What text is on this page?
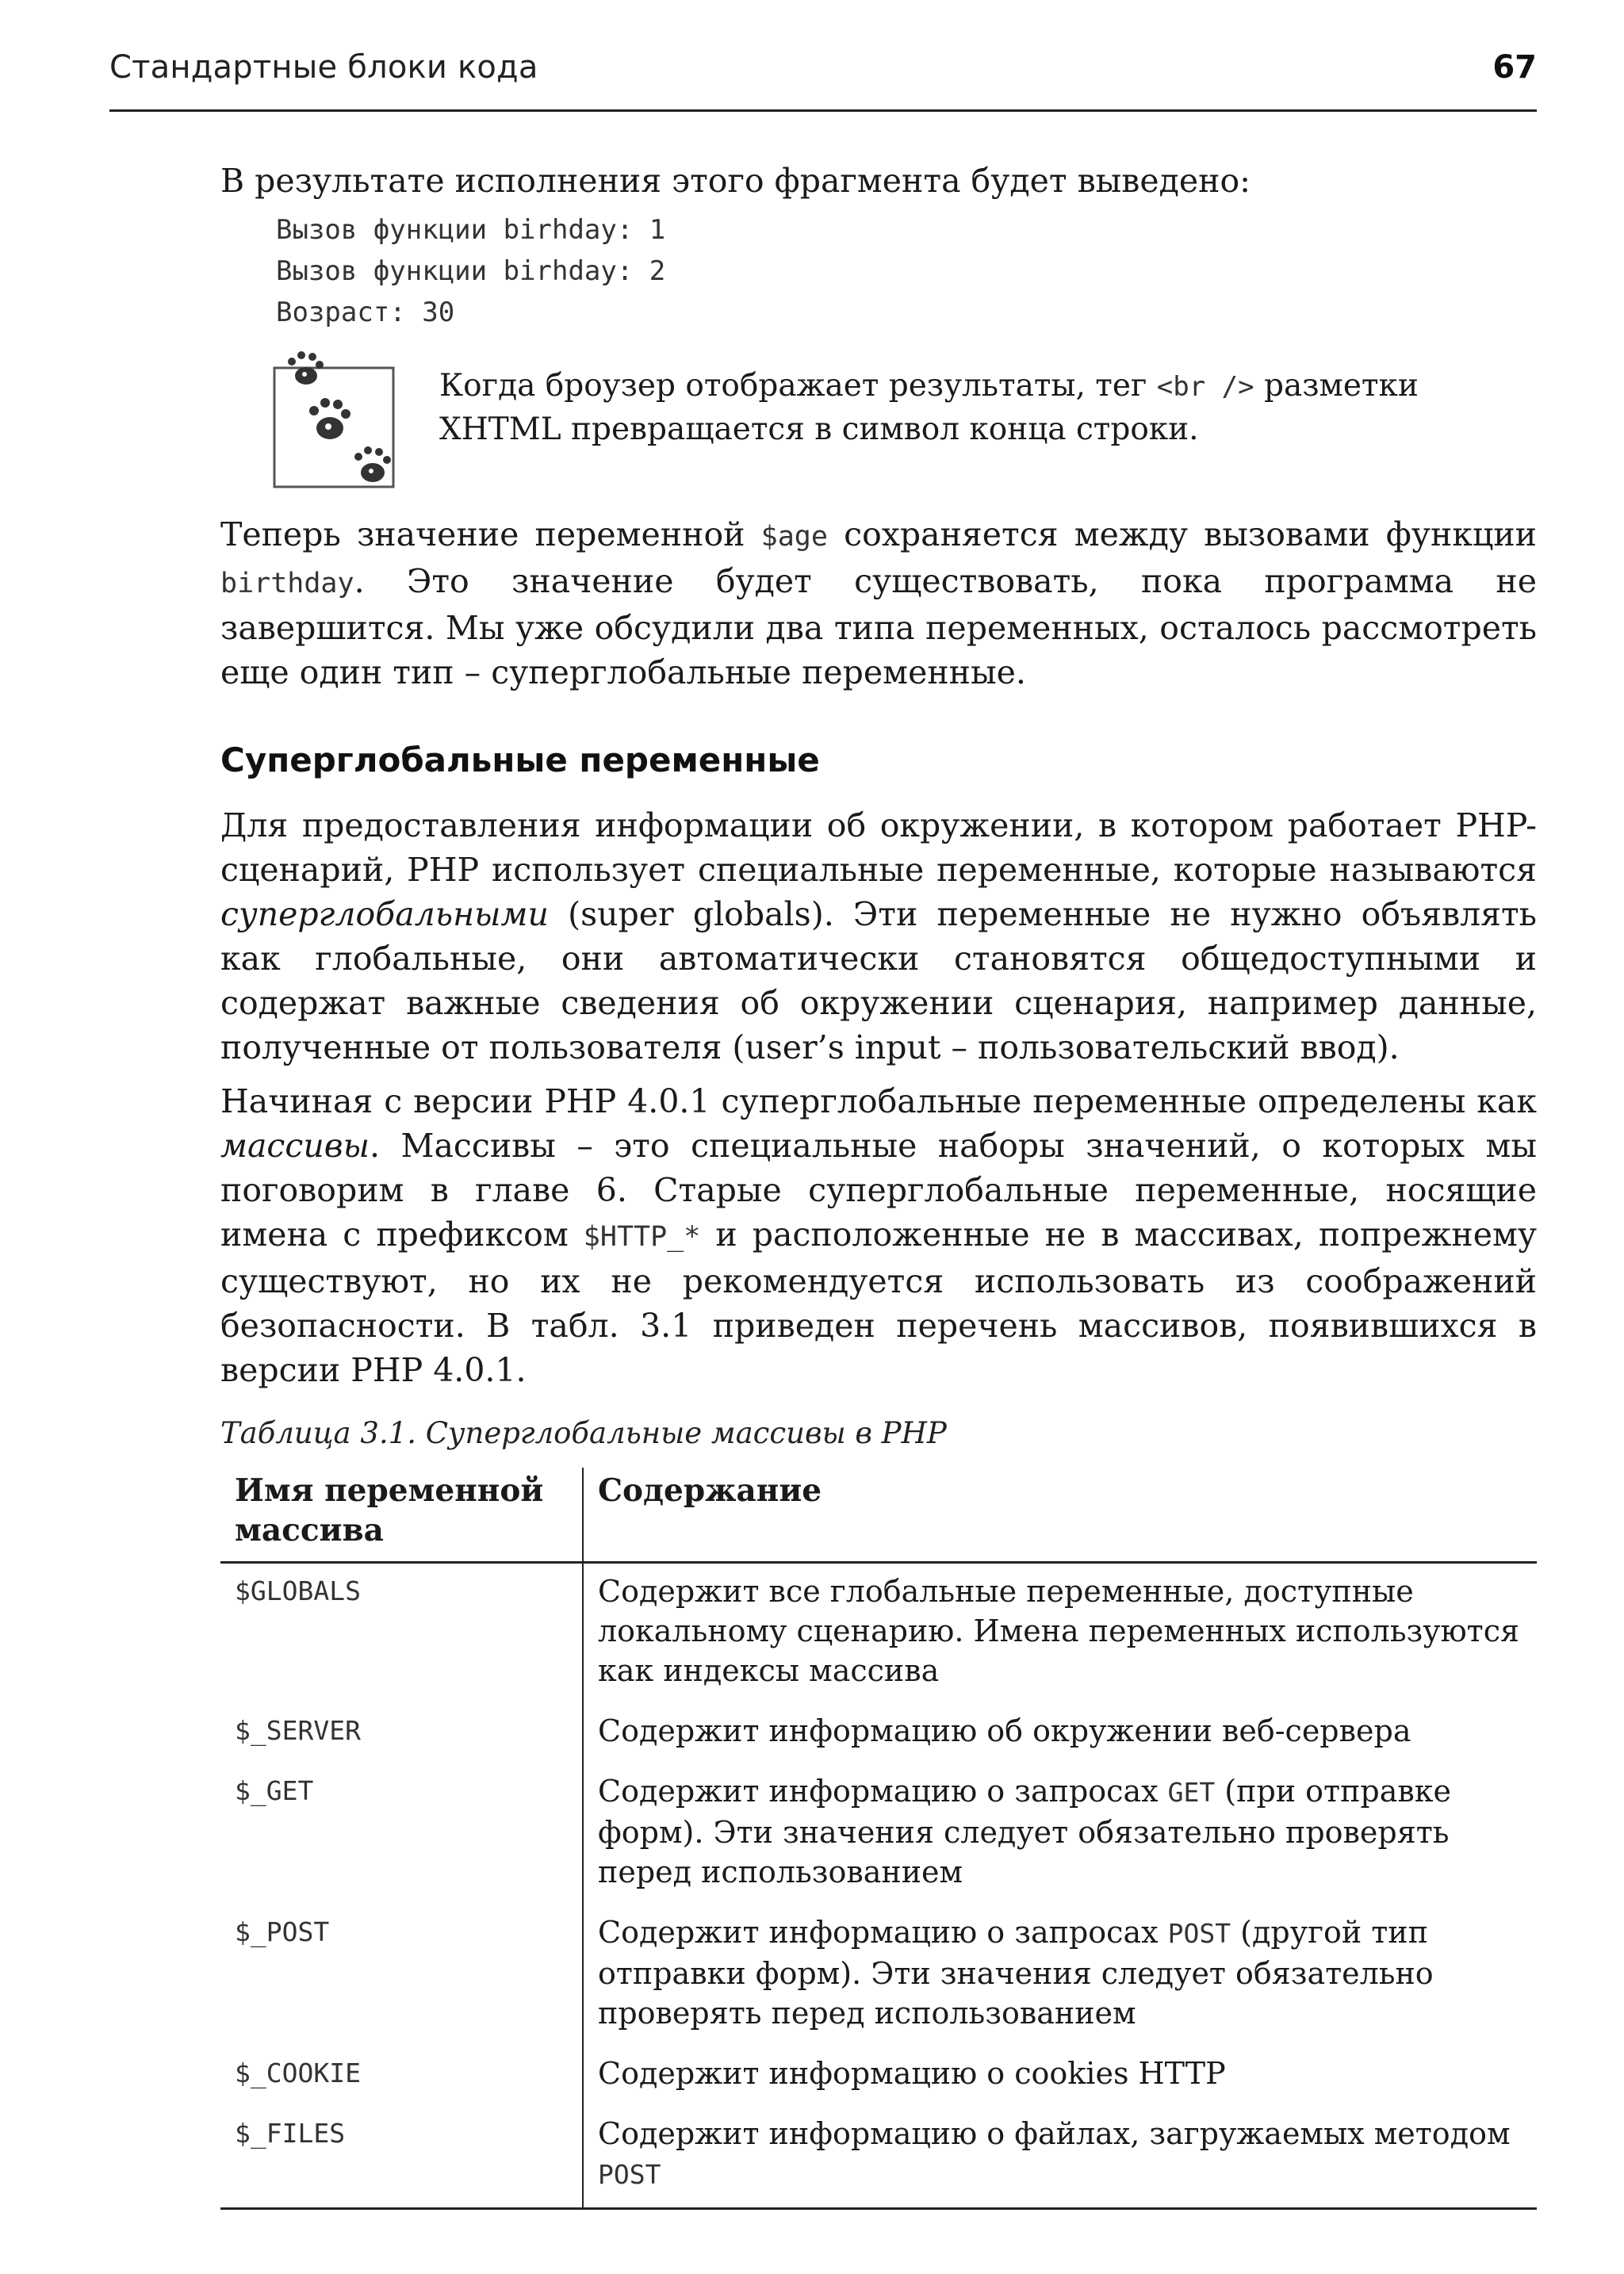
Стандартные блоки кода	67

В результате исполнения этого фрагмента будет выведено:

Вызов функции birhday: 1
Вызов функции birhday: 2
Возраст: 30
Когда броузер отображает результаты, тег <br /> разметки XHTML превращается в символ конца строки.

Теперь значение переменной $age сохраняется между вызовами функции birthday. Это значение будет существовать, пока программа не завершится. Мы уже обсудили два типа переменных, осталось рассмотреть еще один тип – суперглобальные переменные.

Суперглобальные переменные

Для предоставления информации об окружении, в котором работает PHP-сценарий, PHP использует специальные переменные, которые называются суперглобальными (super globals). Эти переменные не нужно объявлять как глобальные, они автоматически становятся общедоступными и содержат важные сведения об окружении сценария, например данные, полученные от пользователя (user’s input – пользовательский ввод).

Начиная с версии PHP 4.0.1 суперглобальные переменные определены как массивы. Массивы – это специальные наборы значений, о которых мы поговорим в главе 6. Старые суперглобальные переменные, носящие имена с префиксом $HTTP_* и расположенные не в массивах, попрежнему существуют, но их не рекомендуется использовать из соображений безопасности. В табл. 3.1 приведен перечень массивов, появившихся в версии PHP 4.0.1.

Таблица 3.1. Суперглобальные массивы в PHP
Имя переменной массива	Содержание
$GLOBALS	Содержит все глобальные переменные, доступные локальному сценарию. Имена переменных используются как индексы массива
$_SERVER	Содержит информацию об окружении веб-сервера
$_GET	Содержит информацию о запросах GET (при отправке форм). Эти значения следует обязательно проверять перед использованием
$_POST	Содержит информацию о запросах POST (другой тип отправки форм). Эти значения следует обязательно проверять перед использованием
$_COOKIE	Содержит информацию о cookies HTTP
$_FILES	Содержит информацию о файлах, загружаемых методом POST
